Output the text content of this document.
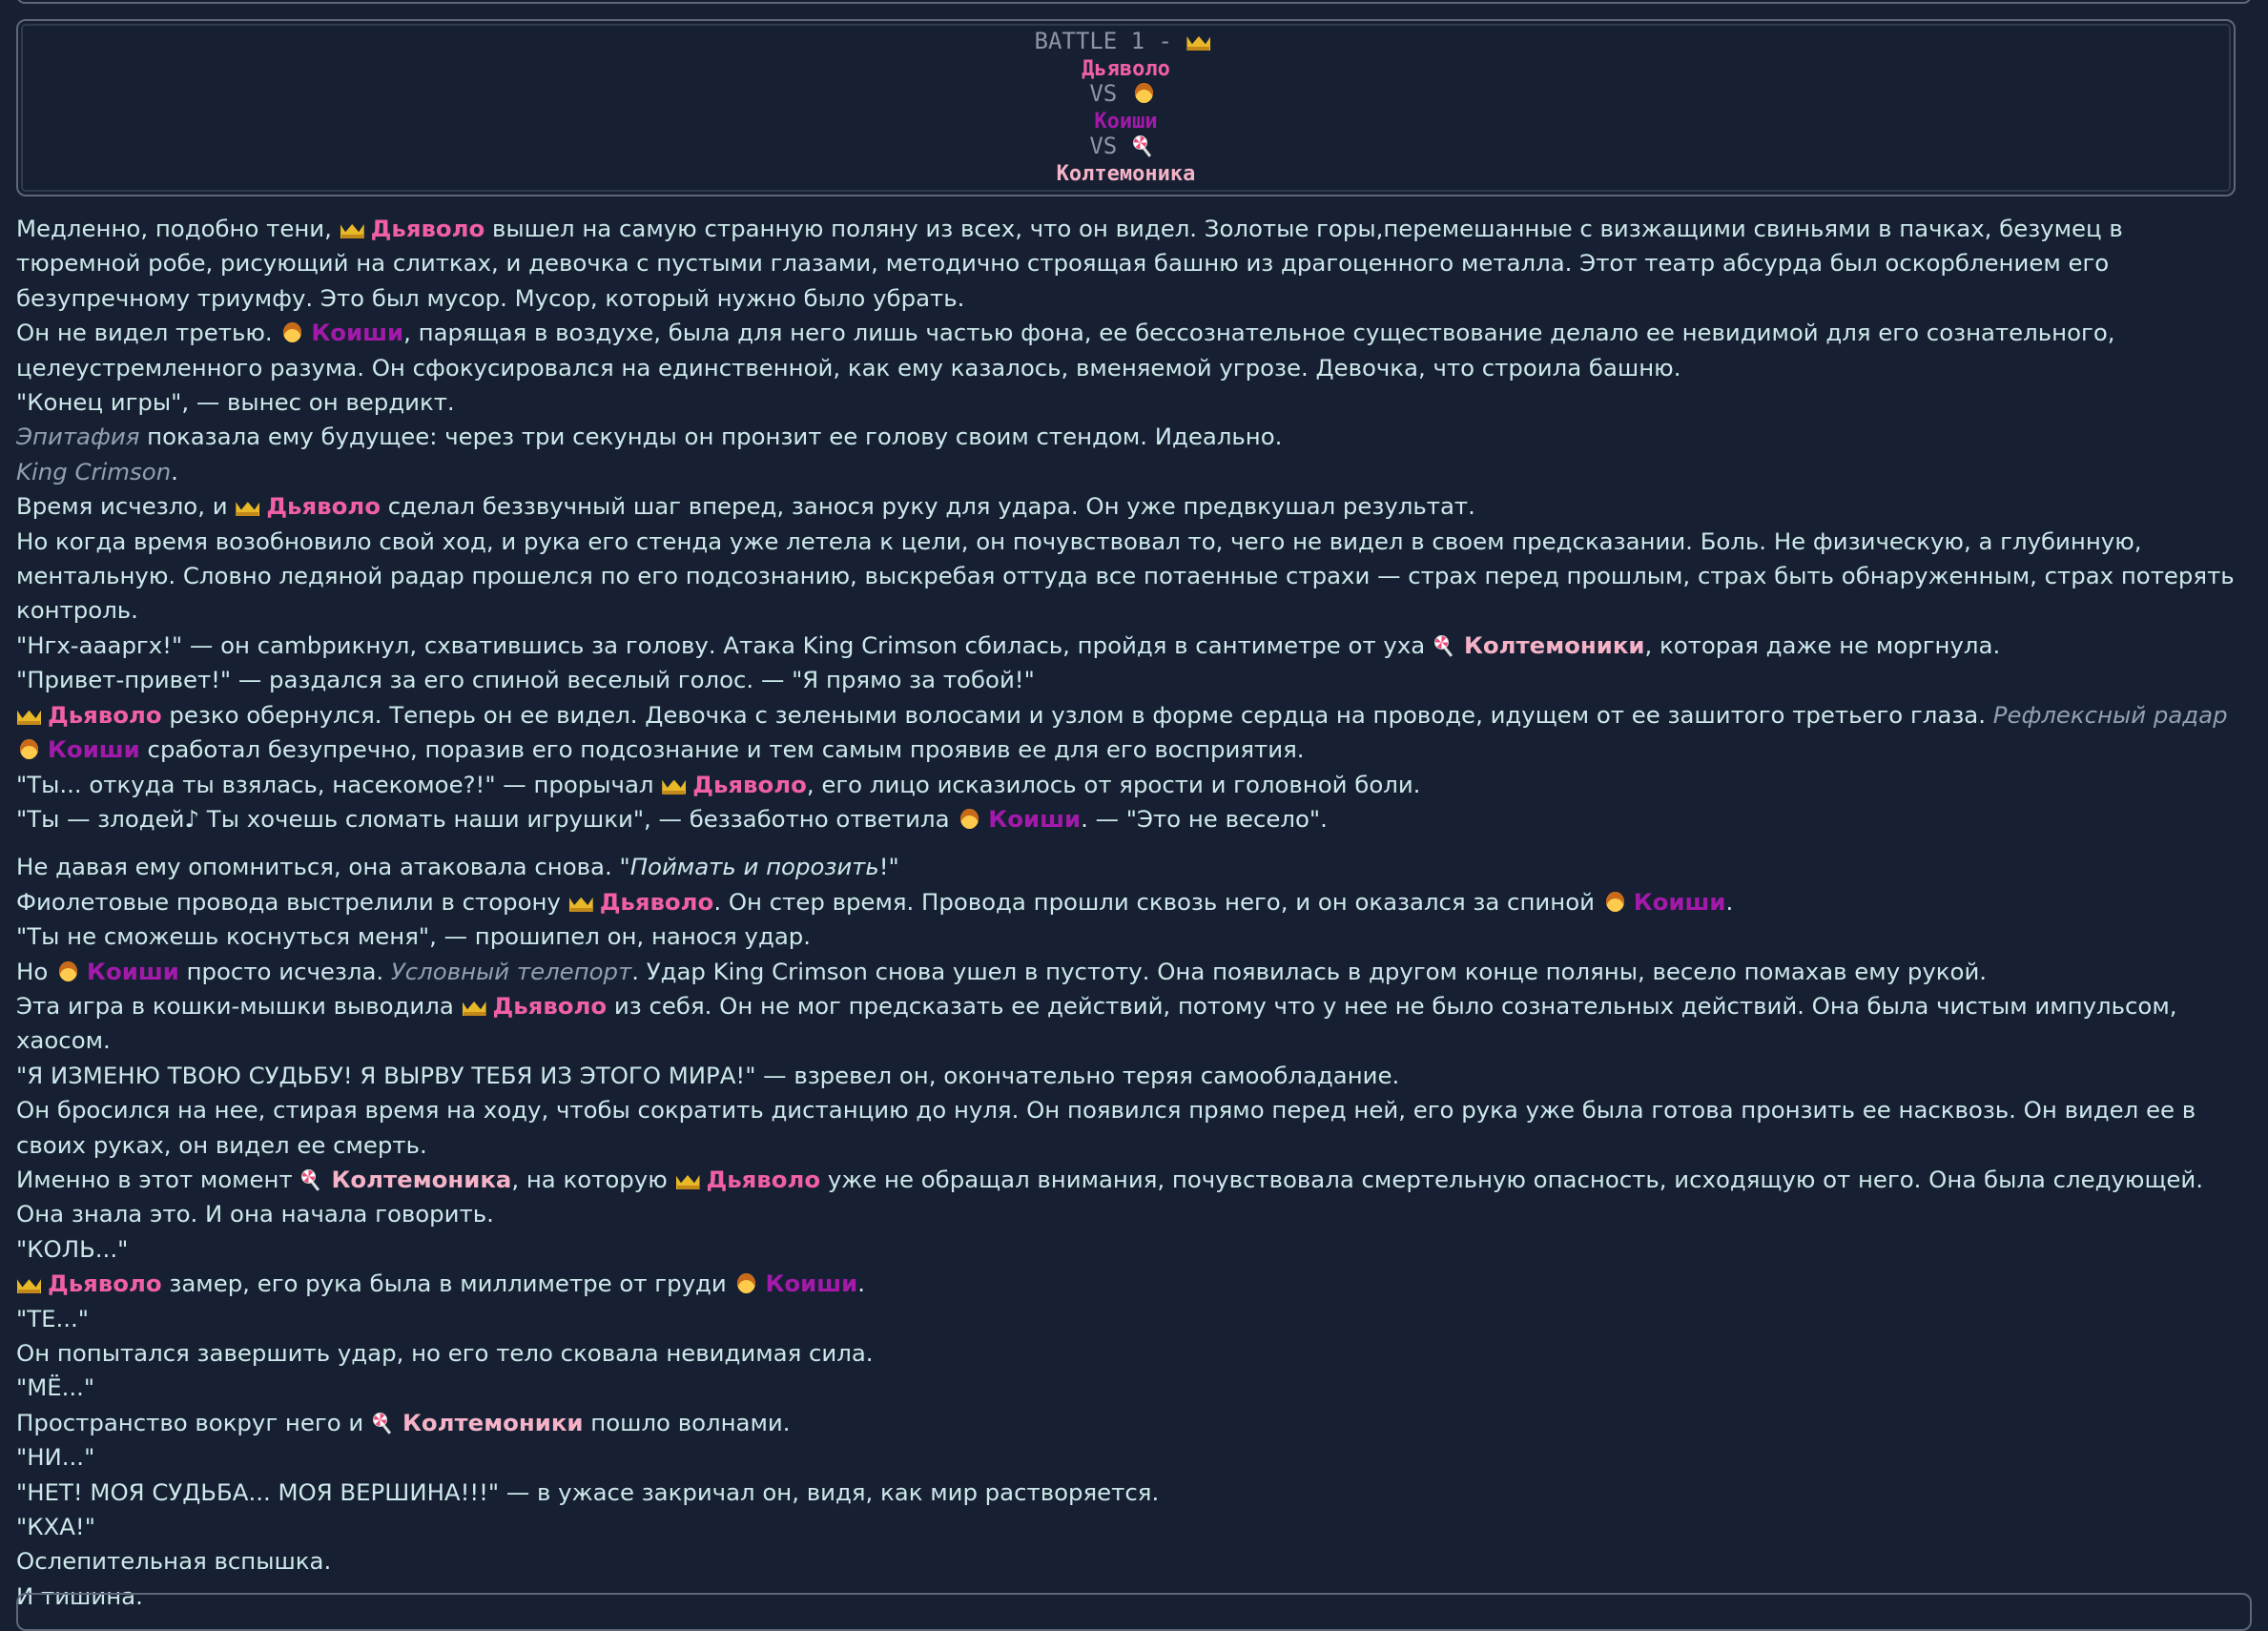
BATTLE 1 -
Дьяволо
VS
Коиши
VS
Колтемоника

Медленно, подобно тени, Дьяволо вышел на самую странную поляну из всех, что он видел. Золотые горы,перемешанные с визжащими свиньями в пачках, безумец в тюремной робе, рисующий на слитках, и девочка с пустыми глазами, методично строящая башню из драгоценного металла. Этот театр абсурда был оскорблением его безупречному триумфу. Это был мусор. Мусор, который нужно было убрать.

Он не видел третью. Коиши, парящая в воздухе, была для него лишь частью фона, ее бессознательное существование делало ее невидимой для его сознательного, целеустремленного разума. Он сфокусировался на единственной, как ему казалось, вменяемой угрозе. Девочка, что строила башню.

"Конец игры", — вынес он вердикт.

Эпитафия показала ему будущее: через три секунды он пронзит ее голову своим стендом. Идеально.

King Crimson.

Время исчезло, и Дьяволо сделал беззвучный шаг вперед, занося руку для удара. Он уже предвкушал результат.

Но когда время возобновило свой ход, и рука его стенда уже летела к цели, он почувствовал то, чего не видел в своем предсказании. Боль. Не физическую, а глубинную, ментальную. Словно ледяной радар прошелся по его подсознанию, выскребая оттуда все потаенные страхи — страх перед прошлым, страх быть обнаруженным, страх потерять контроль.

"Нгх-аааргх!" — он cambрикнул, схватившись за голову. Атака King Crimson сбилась, пройдя в сантиметре от уха Колтемоники, которая даже не моргнула.

"Привет-привет!" — раздался за его спиной веселый голос. — "Я прямо за тобой!"

Дьяволо резко обернулся. Теперь он ее видел. Девочка с зелеными волосами и узлом в форме сердца на проводе, идущем от ее зашитого третьего глаза. Рефлексный радар Коиши сработал безупречно, поразив его подсознание и тем самым проявив ее для его восприятия.

"Ты... откуда ты взялась, насекомое?!" — прорычал Дьяволо, его лицо исказилось от ярости и головной боли.

"Ты — злодей♪ Ты хочешь сломать наши игрушки", — беззаботно ответила Коиши. — "Это не весело".

Не давая ему опомниться, она атаковала снова. "Поймать и порозить!"

Фиолетовые провода выстрелили в сторону Дьяволо. Он стер время. Провода прошли сквозь него, и он оказался за спиной Коиши.

"Ты не сможешь коснуться меня", — прошипел он, нанося удар.

Но Коиши просто исчезла. Условный телепорт. Удар King Crimson снова ушел в пустоту. Она появилась в другом конце поляны, весело помахав ему рукой.

Эта игра в кошки-мышки выводила Дьяволо из себя. Он не мог предсказать ее действий, потому что у нее не было сознательных действий. Она была чистым импульсом, хаосом.

"Я ИЗМЕНЮ ТВОЮ СУДЬБУ! Я ВЫРВУ ТЕБЯ ИЗ ЭТОГО МИРА!" — взревел он, окончательно теряя самообладание.

Он бросился на нее, стирая время на ходу, чтобы сократить дистанцию до нуля. Он появился прямо перед ней, его рука уже была готова пронзить ее насквозь. Он видел ее в своих руках, он видел ее смерть.

Именно в этот момент Колтемоника, на которую Дьяволо уже не обращал внимания, почувствовала смертельную опасность, исходящую от него. Она была следующей. Она знала это. И она начала говорить.

"КОЛЬ..."

Дьяволо замер, его рука была в миллиметре от груди Коиши.

"ТЕ..."

Он попытался завершить удар, но его тело сковала невидимая сила.

"МЁ..."

Пространство вокруг него и Колтемоники пошло волнами.

"НИ..."

"НЕТ! МОЯ СУДЬБА... МОЯ ВЕРШИНА!!!" — в ужасе закричал он, видя, как мир растворяется.

"КХА!"

Ослепительная вспышка.

И тишина.
